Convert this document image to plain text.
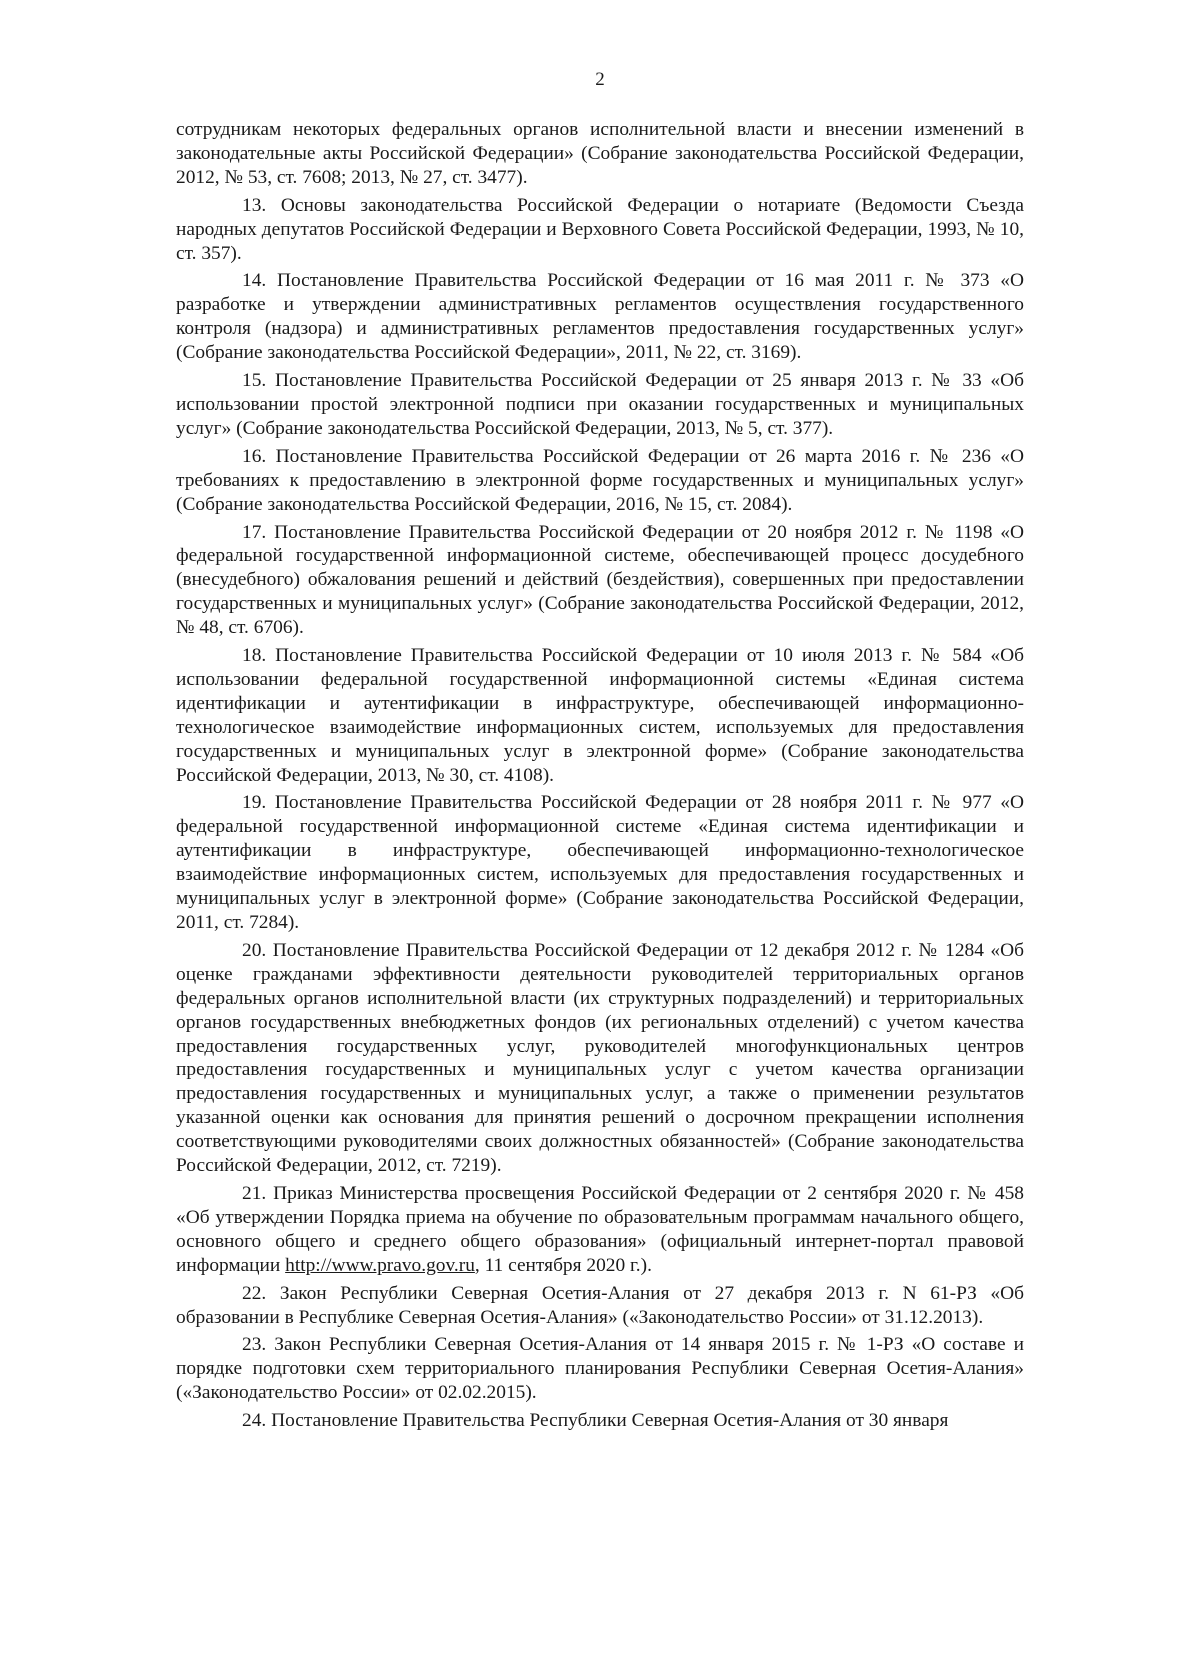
2

сотрудникам некоторых федеральных органов исполнительной власти и внесении изменений в законодательные акты Российской Федерации» (Собрание законодательства Российской Федерации, 2012, № 53, ст. 7608; 2013, № 27, ст. 3477).

13. Основы законодательства Российской Федерации о нотариате (Ведомости Съезда народных депутатов Российской Федерации и Верховного Совета Российской Федерации, 1993, № 10, ст. 357).

14. Постановление Правительства Российской Федерации от 16 мая 2011 г. № 373 «О разработке и утверждении административных регламентов осуществления государственного контроля (надзора) и административных регламентов предоставления государственных услуг» (Собрание законодательства Российской Федерации», 2011, № 22, ст. 3169).

15. Постановление Правительства Российской Федерации от 25 января 2013 г. № 33 «Об использовании простой электронной подписи при оказании государственных и муниципальных услуг» (Собрание законодательства Российской Федерации, 2013, № 5, ст. 377).

16. Постановление Правительства Российской Федерации от 26 марта 2016 г. № 236 «О требованиях к предоставлению в электронной форме государственных и муниципальных услуг» (Собрание законодательства Российской Федерации, 2016, № 15, ст. 2084).

17. Постановление Правительства Российской Федерации от 20 ноября 2012 г. № 1198 «О федеральной государственной информационной системе, обеспечивающей процесс досудебного (внесудебного) обжалования решений и действий (бездействия), совершенных при предоставлении государственных и муниципальных услуг» (Собрание законодательства Российской Федерации, 2012, № 48, ст. 6706).

18. Постановление Правительства Российской Федерации от 10 июля 2013 г. № 584 «Об использовании федеральной государственной информационной системы «Единая система идентификации и аутентификации в инфраструктуре, обеспечивающей информационно-технологическое взаимодействие информационных систем, используемых для предоставления государственных и муниципальных услуг в электронной форме» (Собрание законодательства Российской Федерации, 2013, № 30, ст. 4108).

19. Постановление Правительства Российской Федерации от 28 ноября 2011 г. № 977 «О федеральной государственной информационной системе «Единая система идентификации и аутентификации в инфраструктуре, обеспечивающей информационно-технологическое взаимодействие информационных систем, используемых для предоставления государственных и муниципальных услуг в электронной форме» (Собрание законодательства Российской Федерации, 2011, ст. 7284).

20. Постановление Правительства Российской Федерации от 12 декабря 2012 г. № 1284 «Об оценке гражданами эффективности деятельности руководителей территориальных органов федеральных органов исполнительной власти (их структурных подразделений) и территориальных органов государственных внебюджетных фондов (их региональных отделений) с учетом качества предоставления государственных услуг, руководителей многофункциональных центров предоставления государственных и муниципальных услуг с учетом качества организации предоставления государственных и муниципальных услуг, а также о применении результатов указанной оценки как основания для принятия решений о досрочном прекращении исполнения соответствующими руководителями своих должностных обязанностей» (Собрание законодательства Российской Федерации, 2012, ст. 7219).

21. Приказ Министерства просвещения Российской Федерации от 2 сентября 2020 г. № 458 «Об утверждении Порядка приема на обучение по образовательным программам начального общего, основного общего и среднего общего образования» (официальный интернет-портал правовой информации http://www.pravo.gov.ru, 11 сентября 2020 г.).

22. Закон Республики Северная Осетия-Алания от 27 декабря 2013 г. N 61-РЗ «Об образовании в Республике Северная Осетия-Алания» («Законодательство России» от 31.12.2013).

23. Закон Республики Северная Осетия-Алания от 14 января 2015 г. № 1-РЗ «О составе и порядке подготовки схем территориального планирования Республики Северная Осетия-Алания» («Законодательство России» от 02.02.2015).

24. Постановление Правительства Республики Северная Осетия-Алания от 30 января
